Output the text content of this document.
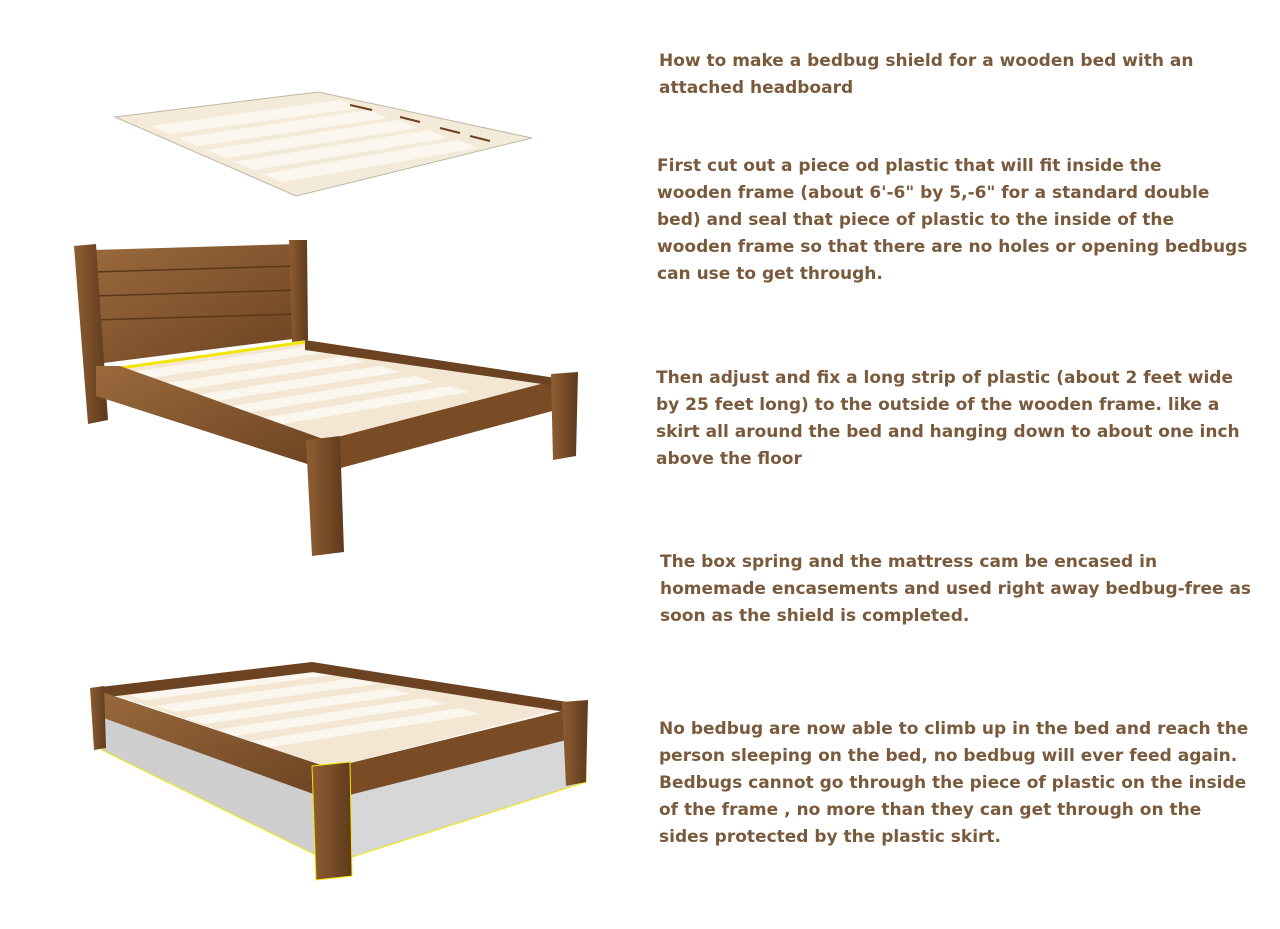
How to make a bedbug shield for a wooden bed with an
attached headboard

First cut out a piece od plastic that will fit inside the
wooden frame (about 6'-6" by 5,-6" for a standard double
bed) and seal that piece of plastic to the inside of the
wooden frame so that there are no holes or opening bedbugs
can use to get through.

Then adjust and fix a long strip of plastic (about 2 feet wide
by 25 feet long) to the outside of the wooden frame. like a
skirt all around the bed and hanging down to about one inch
above the floor

The box spring and the mattress cam be encased in
homemade encasements and used right away bedbug-free as
soon as the shield is completed.

No bedbug are now able to climb up in the bed and reach the
person sleeping on the bed, no bedbug will ever feed again.
Bedbugs cannot go through the piece of plastic on the inside
of the frame , no more than they can get through on the
sides protected by the plastic skirt.
